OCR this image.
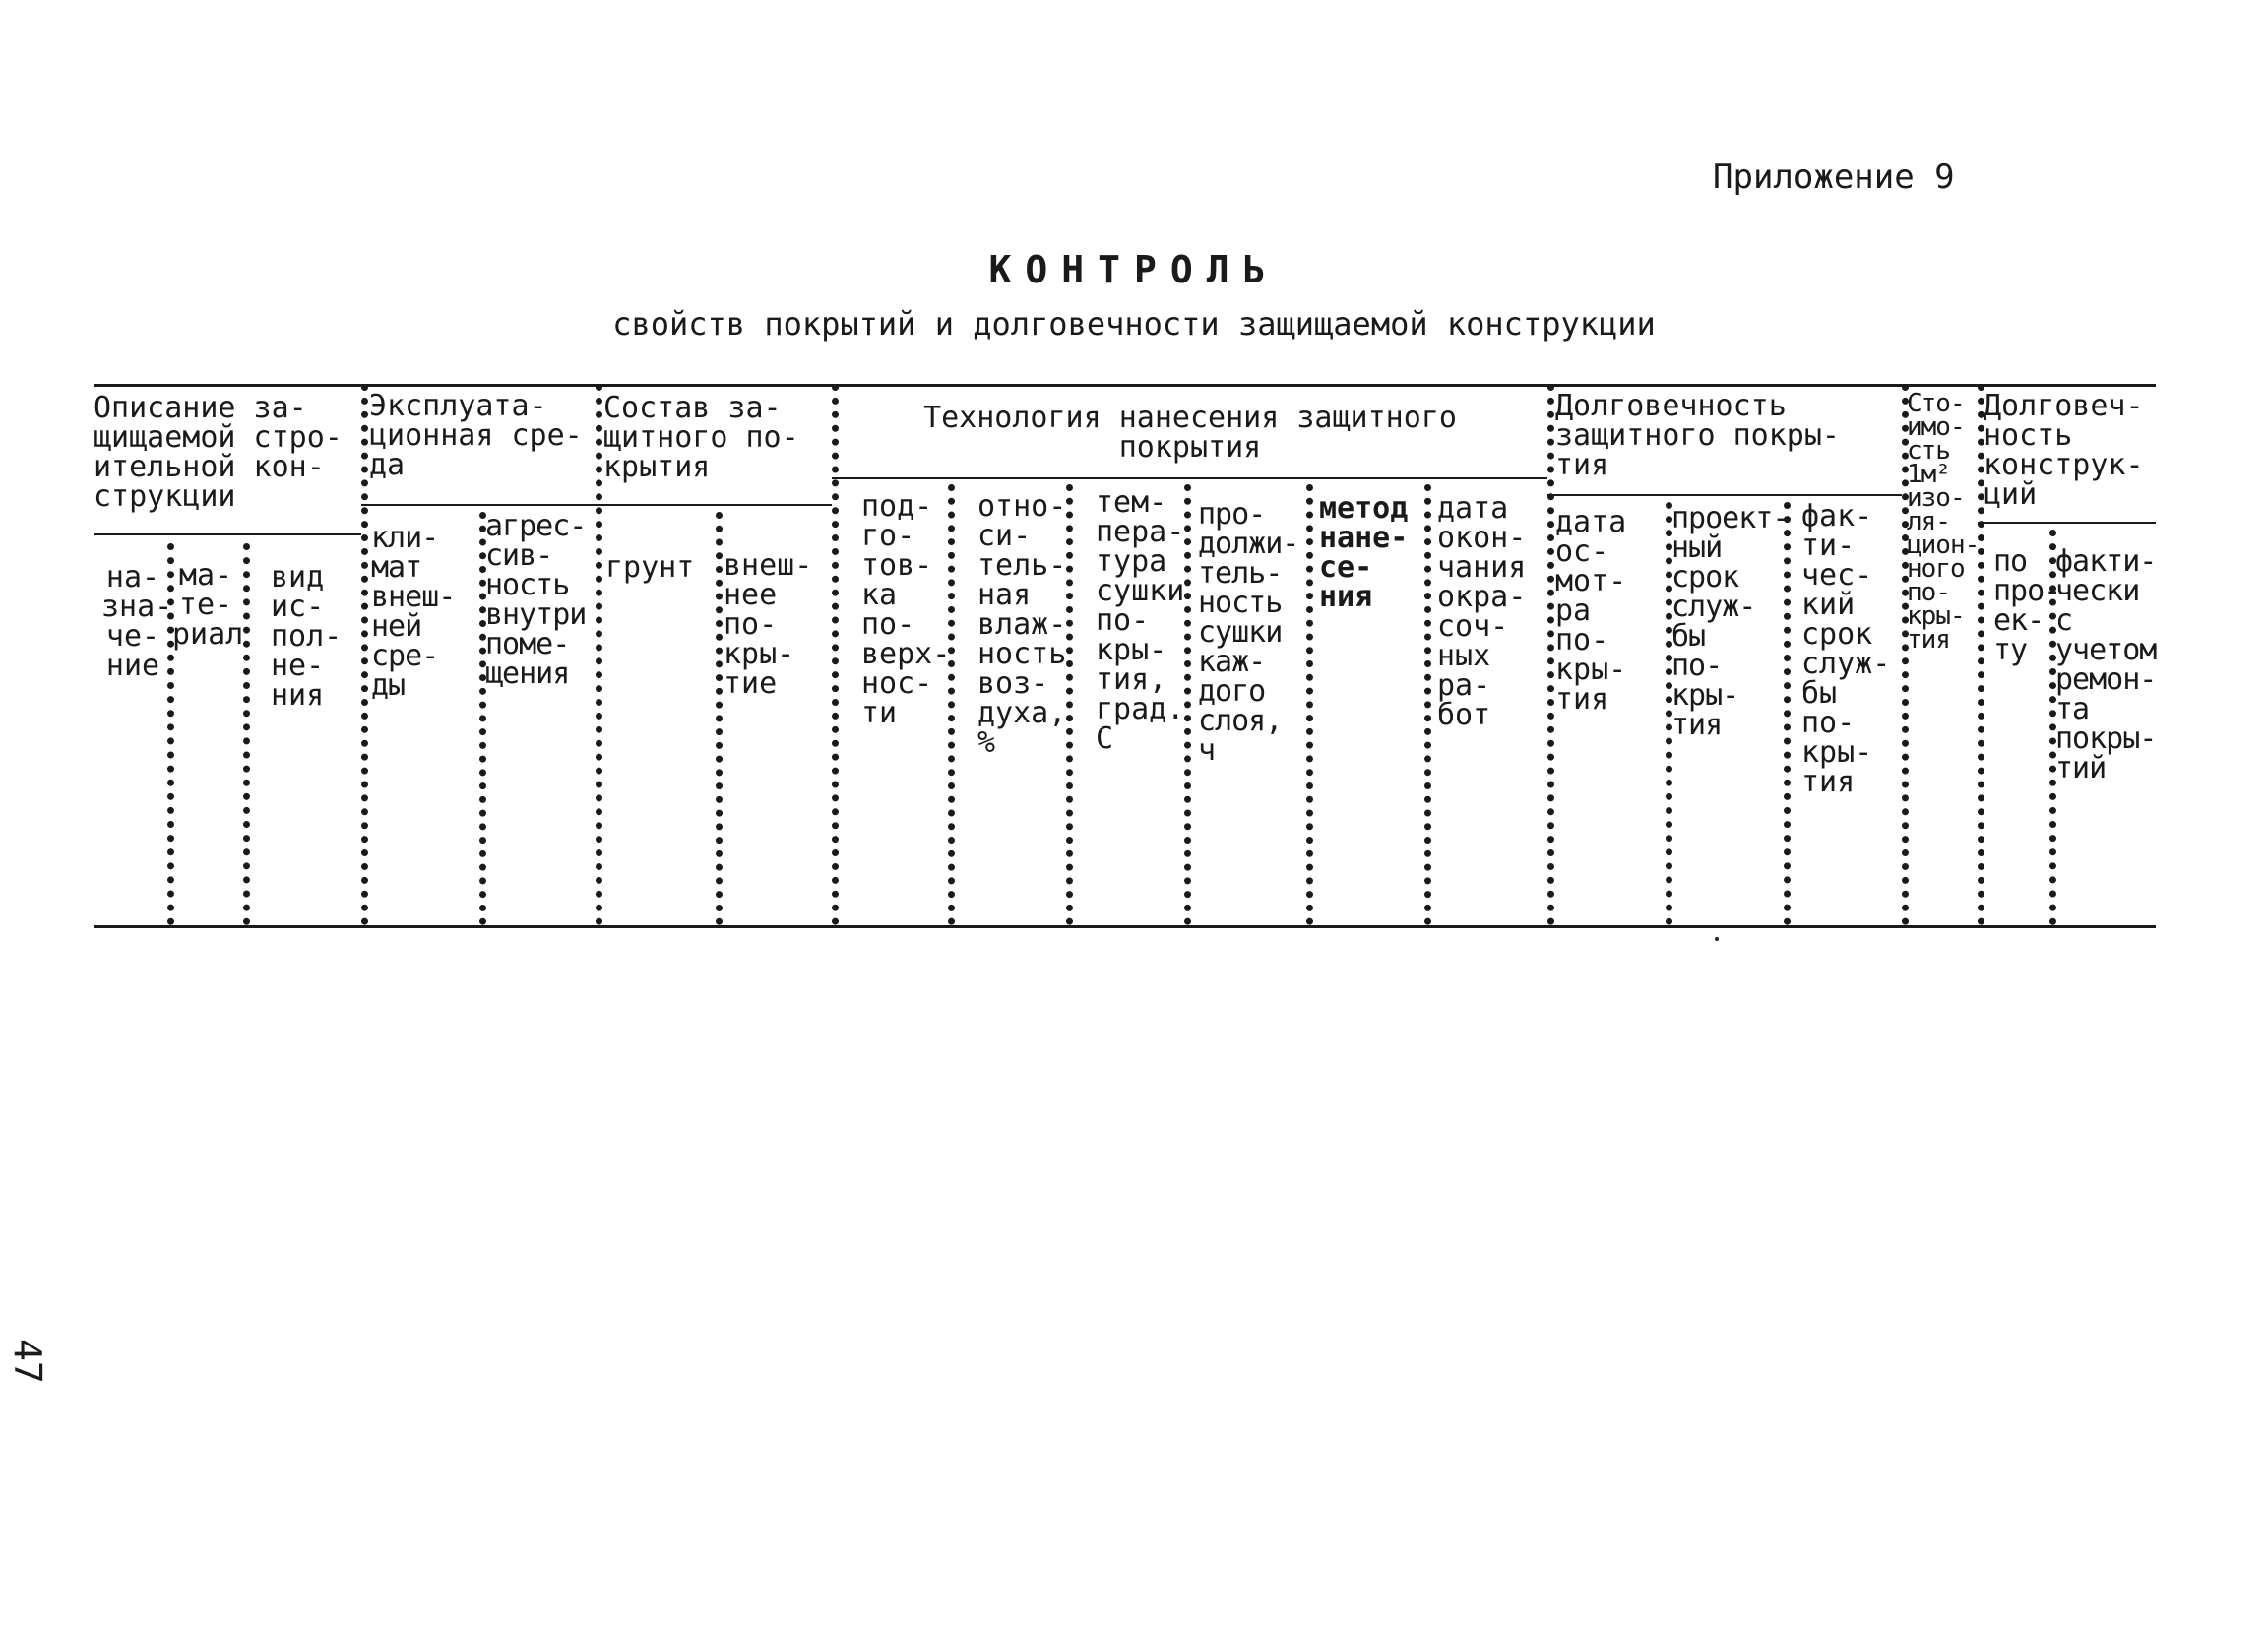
Приложение 9
КОНТРОЛЬ
свойств покрытий и долговечности защищаемой конструкции
Описание за-
щищаемой стро-
ительной кон-
струкции
Эксплуата-
ционная сре-
да
Состав за-
щитного по-
крытия
Технология нанесения защитного
покрытия
Долговечность
защитного покры-
тия
Сто-
имо-
сть
1м²
изо-
ля-
цион-
ного
по-
кры-
тия
Долговеч-
ность
конструк-
ций
на-
зна-
че-
ние
ма-
те-
риал
вид
ис-
пол-
не-
ния
кли-
мат
внеш-
ней
сре-
ды
агрес-
сив-
ность
внутри
поме-
щения
грунт внеш-
нее
по-
кры-
тие
под-
го-
тов-
ка
по-
верх-
нос-
ти
отно-
си-
тель-
ная
влаж-
ность
воз-
духа,
%
тем-
пера-
тура
сушки
по-
кры-
тия,
град.
С
про-
должи-
тель-
ность
сушки
каж-
дого
слоя,
ч
метод
нане-
се-
ния
дата
окон-
чания
окра-
соч-
ных
ра-
бот
дата
ос-
мот-
ра
по-
кры-
тия
проект-
ный
срок
служ-
бы
по-
кры-
тия
фак-
ти-
чес-
кий
срок
служ-
бы
по-
кры-
тия
по
про-
ек-
ту
факти-
чески
с
учетом
ремон-
та
покры-
тий
47
